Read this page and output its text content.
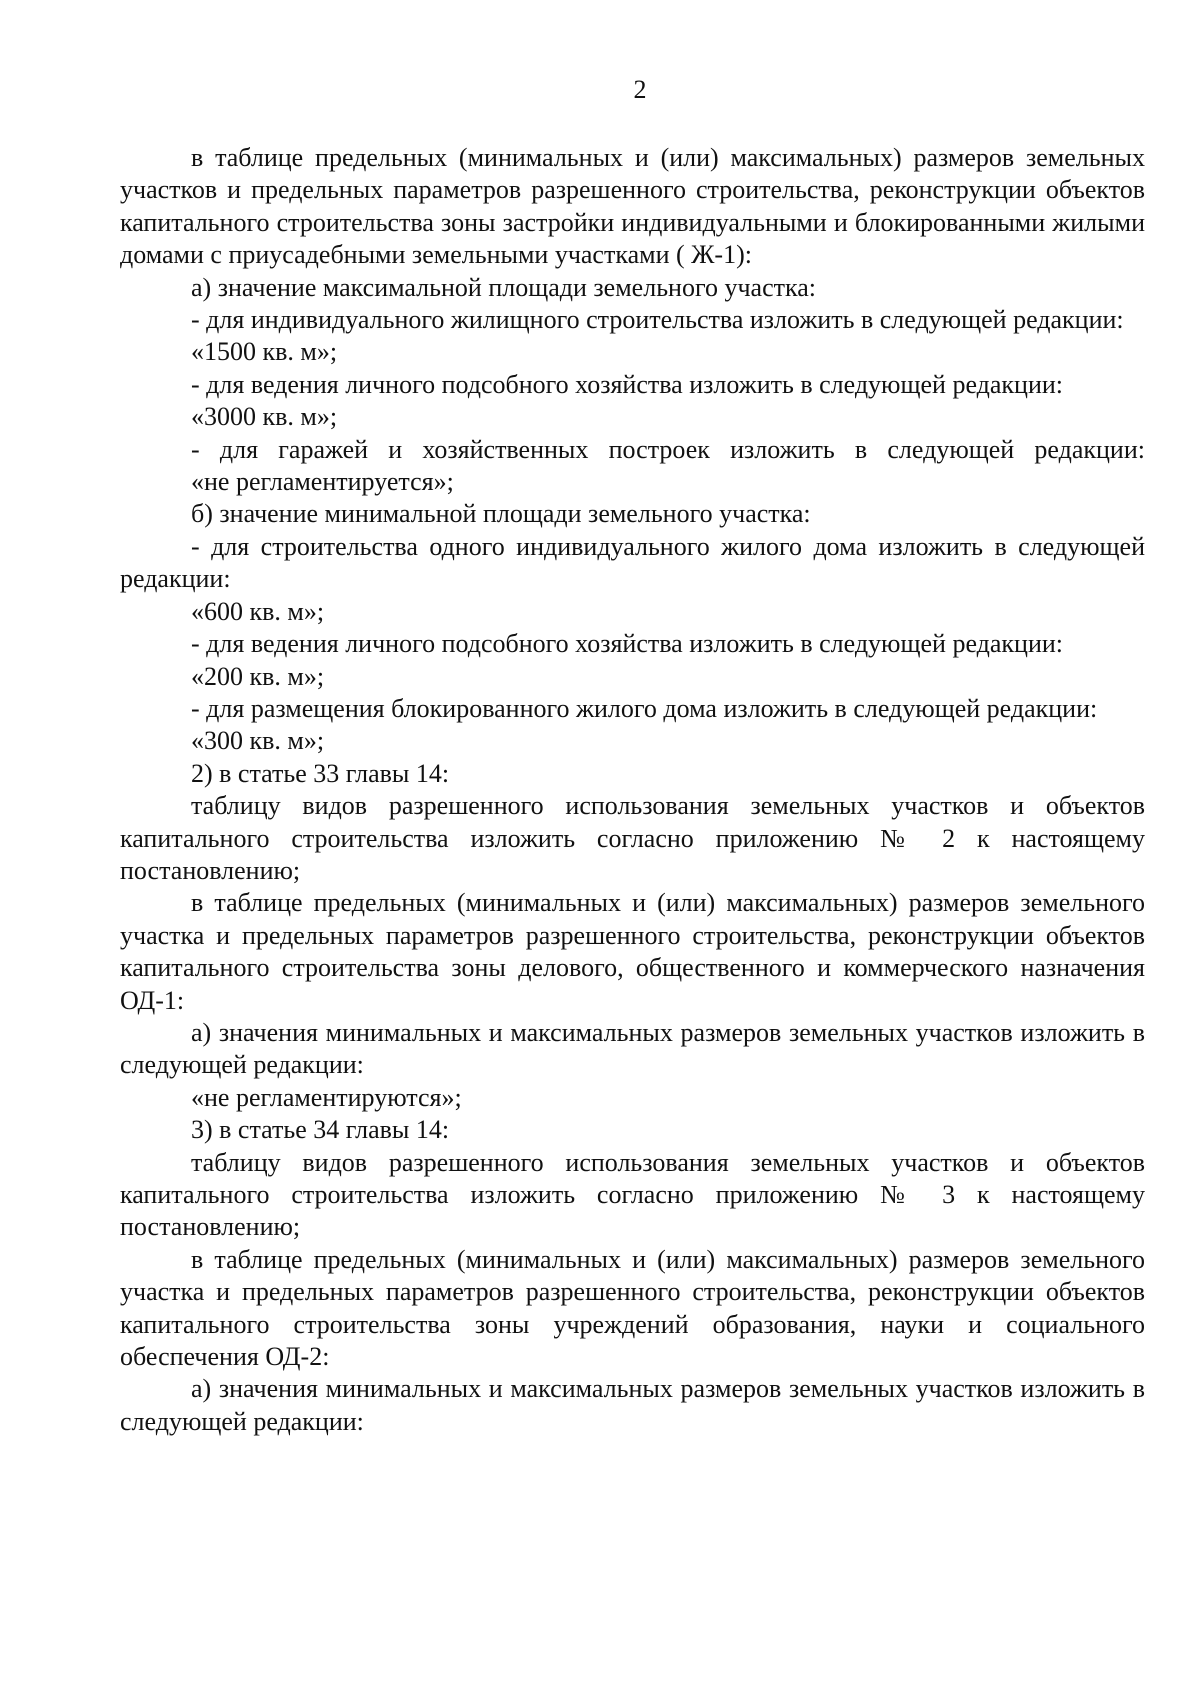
2

в таблице предельных (минимальных и (или) максимальных) размеров земельных участков и предельных параметров разрешенного строительства, реконструкции объектов капитального строительства зоны застройки индивидуальными и блокированными жилыми домами с приусадебными земельными участками ( Ж-1):

а) значение максимальной площади земельного участка:

- для индивидуального жилищного строительства изложить в следующей редакции:

«1500 кв. м»;

- для ведения личного подсобного хозяйства изложить в следующей редакции:

«3000 кв. м»;

- для гаражей и хозяйственных построек изложить в следующей редакции:

«не регламентируется»;

б) значение минимальной площади земельного участка:

- для строительства одного индивидуального жилого дома изложить в следующей редакции:

«600 кв. м»;

- для ведения личного подсобного хозяйства изложить в следующей редакции:

«200 кв. м»;

- для размещения блокированного жилого дома изложить в следующей редакции:

«300 кв. м»;

2) в статье 33 главы 14:

таблицу видов разрешенного использования земельных участков и объектов капитального строительства изложить согласно приложению № 2 к настоящему постановлению;

в таблице предельных (минимальных и (или) максимальных) размеров земельного участка и предельных параметров разрешенного строительства, реконструкции объектов капитального строительства зоны делового, общественного и коммерческого назначения ОД-1:

а) значения минимальных и максимальных размеров земельных участков изложить в следующей редакции:

«не регламентируются»;

3) в статье 34 главы 14:

таблицу видов разрешенного использования земельных участков и объектов капитального строительства изложить согласно приложению № 3 к настоящему постановлению;

в таблице предельных (минимальных и (или) максимальных) размеров земельного участка и предельных параметров разрешенного строительства, реконструкции объектов капитального строительства зоны учреждений образования, науки и социального обеспечения ОД-2:

а) значения минимальных и максимальных размеров земельных участков изложить в следующей редакции:
